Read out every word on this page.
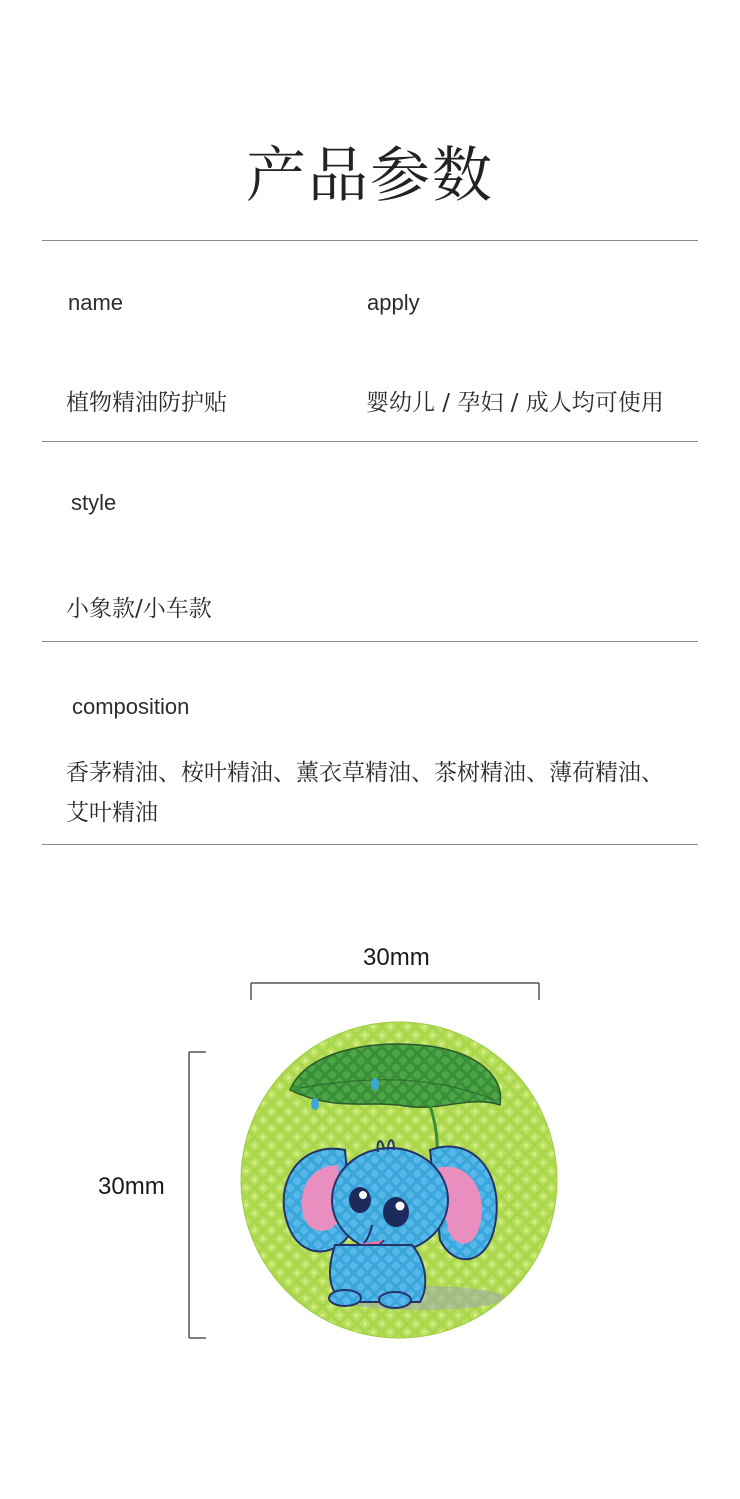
产品参数
name	apply
植物精油防护贴	婴幼儿 / 孕妇 / 成人均可使用
style
小象款/小车款
composition
香茅精油、桉叶精油、薰衣草精油、茶树精油、薄荷精油、
艾叶精油
30mm
30mm
